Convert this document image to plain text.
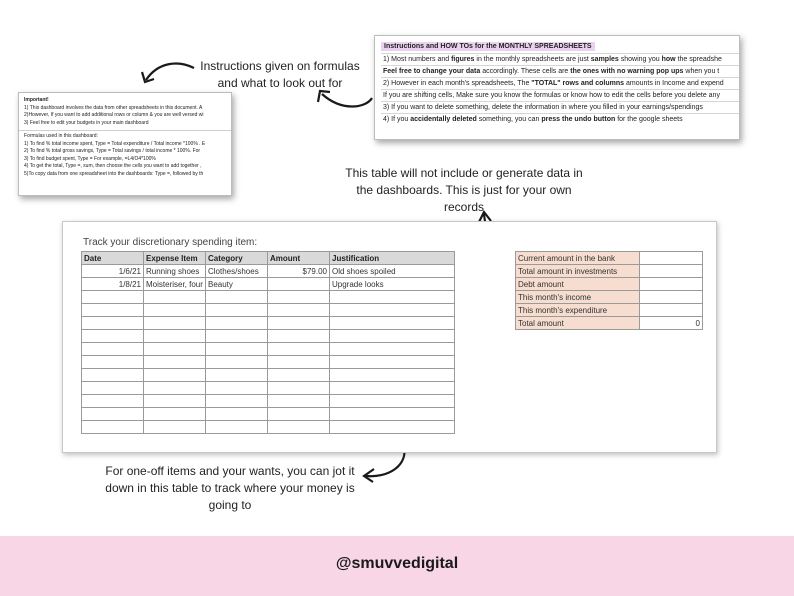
Important!
1) This dashboard involves the data from other spreadsheets in this document. A
2)However, If you want to add additional rows or column & you are well versed wi
3) Feel free to edit your budgets in your main dashboard
Formulas used in this dashboard:
1) To find % total income spent, Type = Total expenditure / Total income *100% . E
2) To find % total gross savings, Type = Total savings / total income * 100%. For
3) To find budget spent, Type = For example, =L4/O4*100%
4) To get the total, Type =, sum, then choose the cells you want to add together ,
5)To copy data from one spreadsheet into the dashboards: Type =, followed by th
Instructions and HOW TOs for the MONTHLY SPREADSHEETS
1) Most numbers and figures in the monthly spreadsheets are just samples showing you how the spreadshe
Feel free to change your data accordingly. These cells are the ones with no warning pop ups when you t
2) However in each month's spreadsheets, The "TOTAL" rows and columns amounts in Income and expend
If you are shifting cells, Make sure you know the formulas or know how to edit the cells before you delete any
3) If you want to delete something, delete the information in where you filled in your earnings/spendings
4) If you accidentally deleted something, you can press the undo button for the google sheets
Instructions given on formulas and what to look out for
This table will not include or generate data in the dashboards. This is just for your own records
For one-off items and your wants, you can jot it down in this table to track where your money is going to
Track your discretionary spending item:
Date	Expense Item	Category	Amount	Justification
1/6/21	Running shoes	Clothes/shoes	$79.00	Old shoes spoiled
1/8/21	Moisteriser, four	Beauty		Upgrade looks

Current amount in the bank	
Total amount in investments	
Debt amount	
This month's income	
This month's expenditure	
Total amount	0
@smuvvedigital
